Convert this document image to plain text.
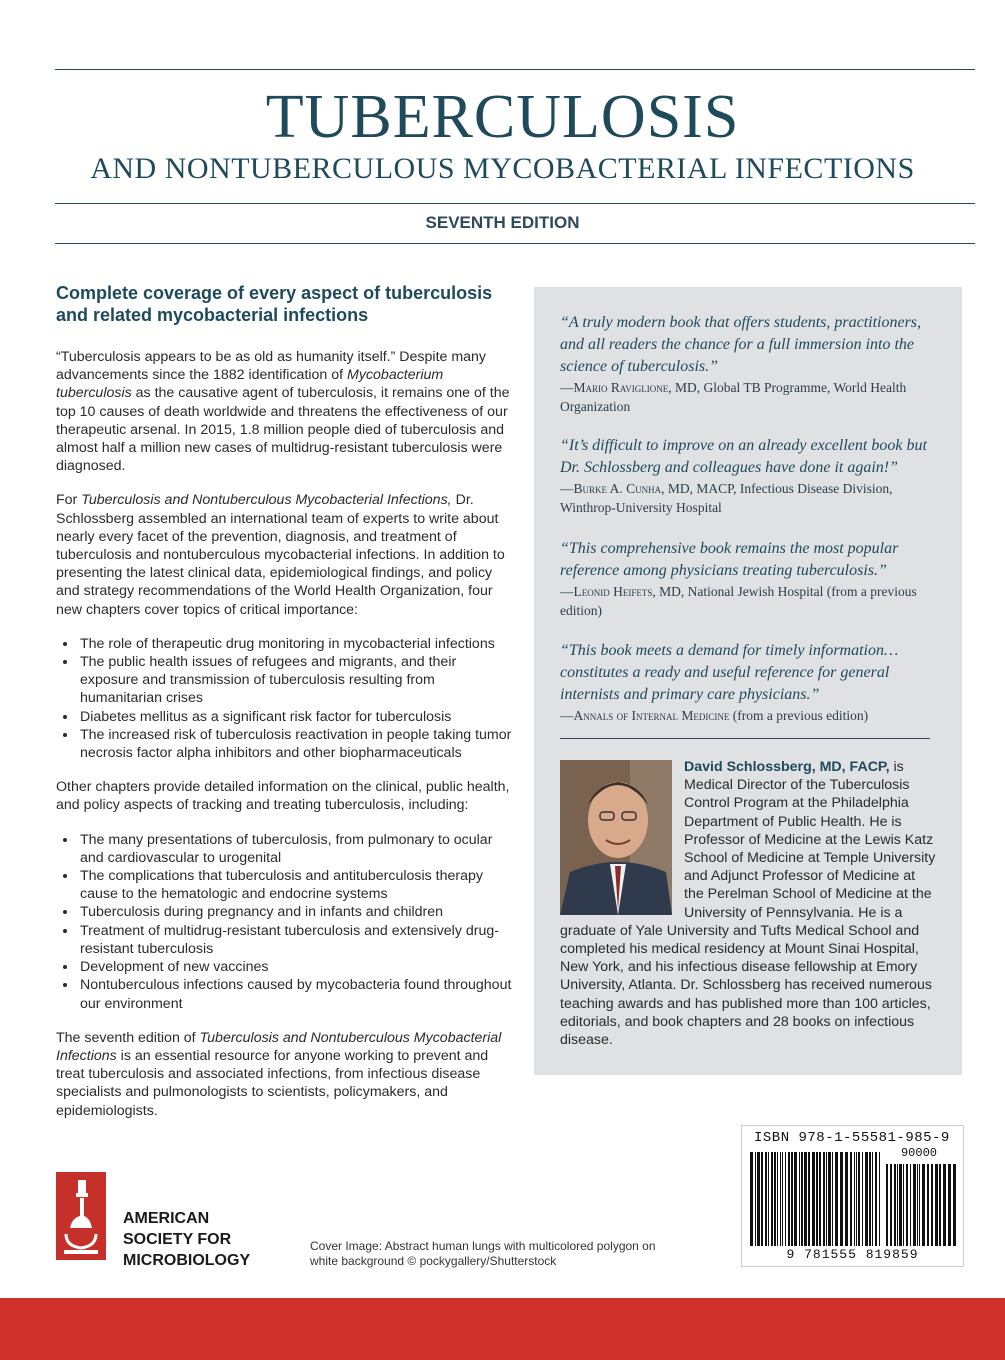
TUBERCULOSIS
AND NONTUBERCULOUS MYCOBACTERIAL INFECTIONS
SEVENTH EDITION

Complete coverage of every aspect of tuberculosis and related mycobacterial infections

“Tuberculosis appears to be as old as humanity itself.” Despite many advancements since the 1882 identification of Mycobacterium tuberculosis as the causative agent of tuberculosis, it remains one of the top 10 causes of death worldwide and threatens the effectiveness of our therapeutic arsenal. In 2015, 1.8 million people died of tuberculosis and almost half a million new cases of multidrug-resistant tuberculosis were diagnosed.

For Tuberculosis and Nontuberculous Mycobacterial Infections, Dr. Schlossberg assembled an international team of experts to write about nearly every facet of the prevention, diagnosis, and treatment of tuberculosis and nontuberculous mycobacterial infections. In addition to presenting the latest clinical data, epidemiological findings, and policy and strategy recommendations of the World Health Organization, four new chapters cover topics of critical importance:

• The role of therapeutic drug monitoring in mycobacterial infections
• The public health issues of refugees and migrants, and their exposure and transmission of tuberculosis resulting from humanitarian crises
• Diabetes mellitus as a significant risk factor for tuberculosis
• The increased risk of tuberculosis reactivation in people taking tumor necrosis factor alpha inhibitors and other biopharmaceuticals

Other chapters provide detailed information on the clinical, public health, and policy aspects of tracking and treating tuberculosis, including:

• The many presentations of tuberculosis, from pulmonary to ocular and cardiovascular to urogenital
• The complications that tuberculosis and antituberculosis therapy cause to the hematologic and endocrine systems
• Tuberculosis during pregnancy and in infants and children
• Treatment of multidrug-resistant tuberculosis and extensively drug-resistant tuberculosis
• Development of new vaccines
• Nontuberculous infections caused by mycobacteria found throughout our environment

The seventh edition of Tuberculosis and Nontuberculous Mycobacterial Infections is an essential resource for anyone working to prevent and treat tuberculosis and associated infections, from infectious disease specialists and pulmonologists to scientists, policymakers, and epidemiologists.

“A truly modern book that offers students, practitioners, and all readers the chance for a full immersion into the science of tuberculosis.”

—Mario Raviglione, MD, Global TB Programme, World Health Organization

“It’s difficult to improve on an already excellent book but Dr. Schlossberg and colleagues have done it again!”

—Burke A. Cunha, MD, MACP, Infectious Disease Division, Winthrop-University Hospital

“This comprehensive book remains the most popular reference among physicians treating tuberculosis.”

—Leonid Heifets, MD, National Jewish Hospital (from a previous edition)

“This book meets a demand for timely information… constitutes a ready and useful reference for general internists and primary care physicians.”

—Annals of Internal Medicine (from a previous edition)

David Schlossberg, MD, FACP, is Medical Director of the Tuberculosis Control Program at the Philadelphia Department of Public Health. He is Professor of Medicine at the Lewis Katz School of Medicine at Temple University and Adjunct Professor of Medicine at the Perelman School of Medicine at the University of Pennsylvania. He is a graduate of Yale University and Tufts Medical School and completed his medical residency at Mount Sinai Hospital, New York, and his infectious disease fellowship at Emory University, Atlanta. Dr. Schlossberg has received numerous teaching awards and has published more than 100 articles, editorials, and book chapters and 28 books on infectious disease.

ISBN 978-1-55581-985-9
90000
9 781555 819859

AMERICAN
SOCIETY FOR
MICROBIOLOGY

Cover Image: Abstract human lungs with multicolored polygon on white background © pockygallery/Shutterstock
